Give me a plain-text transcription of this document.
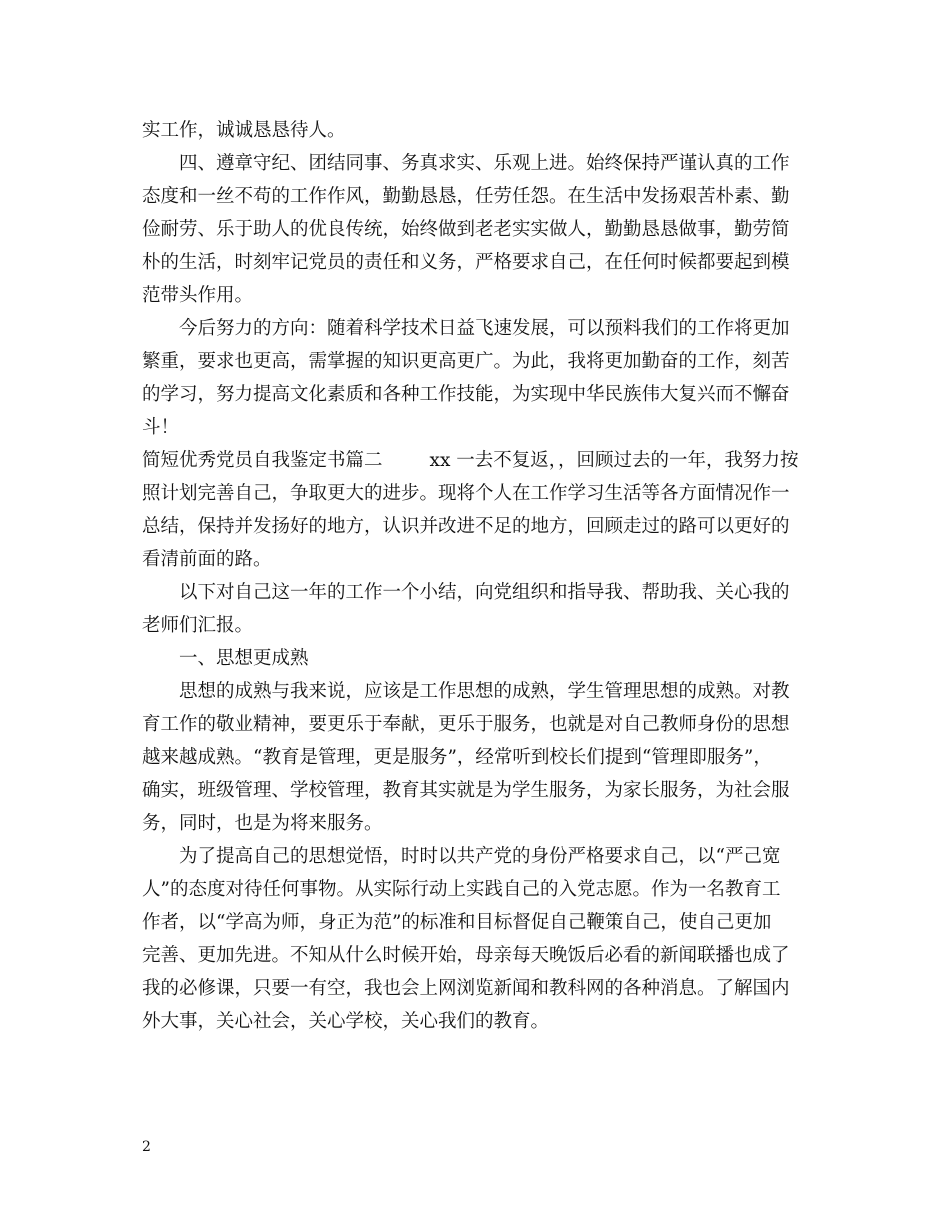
实工作，诚诚恳恳待人。
四、遵章守纪、团结同事、务真求实、乐观上进。始终保持严谨认真的工作
态度和一丝不苟的工作作风，勤勤恳恳，任劳任怨。在生活中发扬艰苦朴素、勤
俭耐劳、乐于助人的优良传统，始终做到老老实实做人，勤勤恳恳做事，勤劳简
朴的生活，时刻牢记党员的责任和义务，严格要求自己，在任何时候都要起到模
范带头作用。
今后努力的方向：随着科学技术日益飞速发展，可以预料我们的工作将更加
繁重，要求也更高，需掌握的知识更高更广。为此，我将更加勤奋的工作，刻苦
的学习，努力提高文化素质和各种工作技能，为实现中华民族伟大复兴而不懈奋
斗！
简短优秀党员自我鉴定书篇二        xx 一去不复返，，回顾过去的一年，我努力按
照计划完善自己，争取更大的进步。现将个人在工作学习生活等各方面情况作一
总结，保持并发扬好的地方，认识并改进不足的地方，回顾走过的路可以更好的
看清前面的路。
以下对自己这一年的工作一个小结，向党组织和指导我、帮助我、关心我的
老师们汇报。
一、思想更成熟
思想的成熟与我来说，应该是工作思想的成熟，学生管理思想的成熟。对教
育工作的敬业精神，要更乐于奉献，更乐于服务，也就是对自己教师身份的思想
越来越成熟。“教育是管理，更是服务”，经常听到校长们提到“管理即服务”，
确实，班级管理、学校管理，教育其实就是为学生服务，为家长服务，为社会服
务，同时，也是为将来服务。
为了提高自己的思想觉悟，时时以共产党的身份严格要求自己，以“严己宽
人”的态度对待任何事物。从实际行动上实践自己的入党志愿。作为一名教育工
作者，以“学高为师，身正为范”的标准和目标督促自己鞭策自己，使自己更加
完善、更加先进。不知从什么时候开始，母亲每天晚饭后必看的新闻联播也成了
我的必修课，只要一有空，我也会上网浏览新闻和教科网的各种消息。了解国内
外大事，关心社会，关心学校，关心我们的教育。
2
